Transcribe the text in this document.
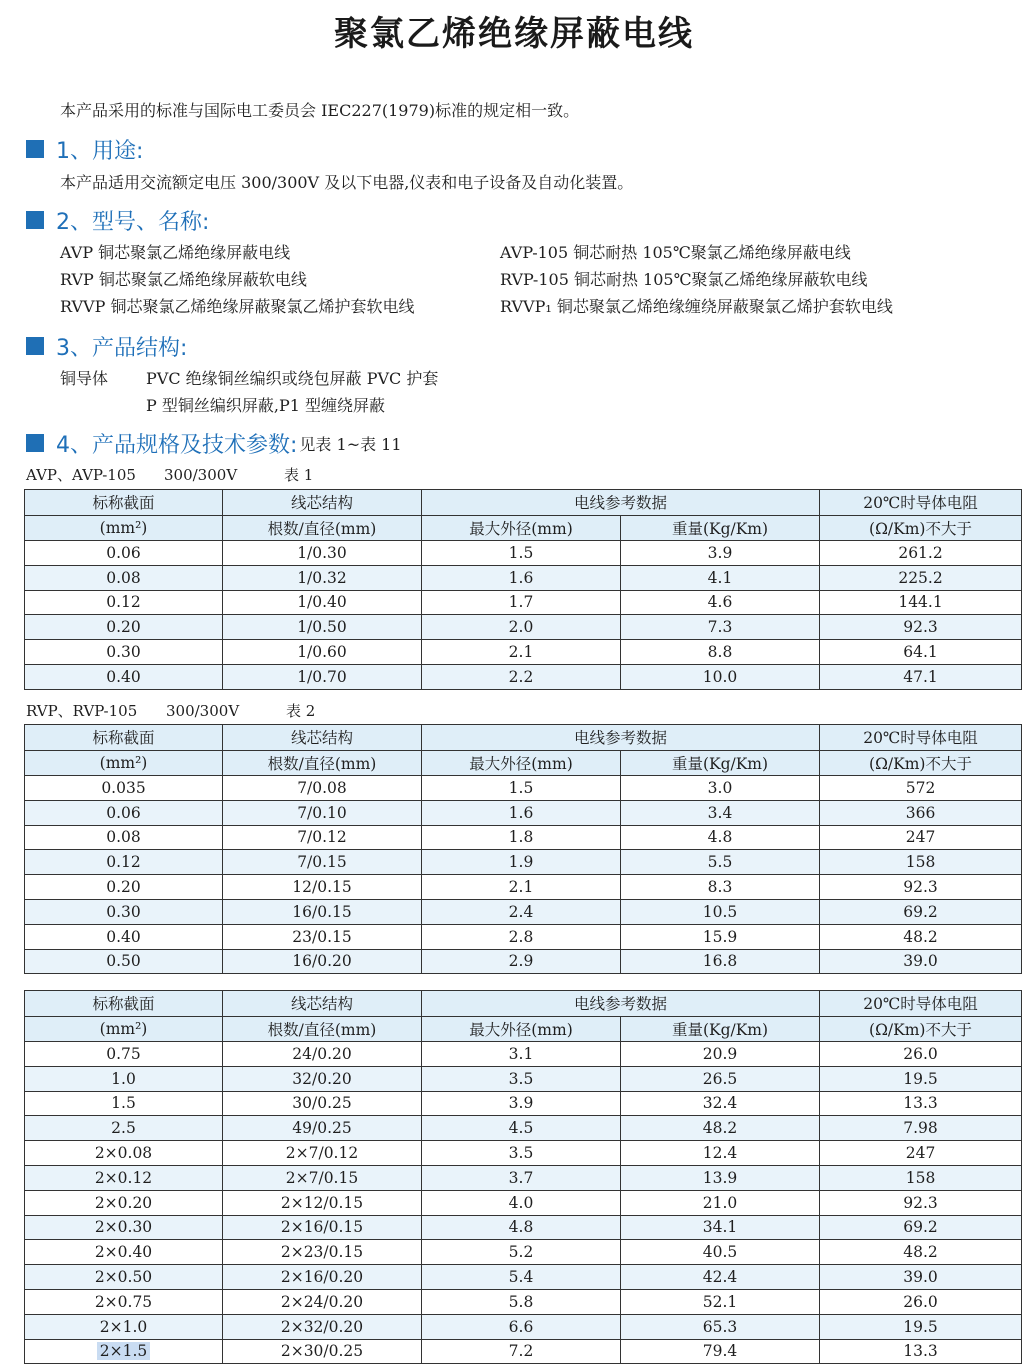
聚氯乙烯绝缘屏蔽电线
本产品采用的标准与国际电工委员会 IEC227(1979)标准的规定相一致。
1、用途:
本产品适用交流额定电压 300/300V 及以下电器,仪表和电子设备及自动化装置。
2、型号、名称:
AVP 铜芯聚氯乙烯绝缘屏蔽电线
RVP 铜芯聚氯乙烯绝缘屏蔽软电线
RVVP 铜芯聚氯乙烯绝缘屏蔽聚氯乙烯护套软电线
AVP-105 铜芯耐热 105℃聚氯乙烯绝缘屏蔽电线
RVP-105 铜芯耐热 105℃聚氯乙烯绝缘屏蔽软电线
RVVP₁ 铜芯聚氯乙烯绝缘缠绕屏蔽聚氯乙烯护套软电线
3、产品结构:
铜导体 PVC 绝缘铜丝编织或绕包屏蔽 PVC 护套
P 型铜丝编织屏蔽,P1 型缠绕屏蔽
4、产品规格及技术参数: 见表 1~表 11
AVP、AVP-105 300/300V	表 1
标称截面	线芯结构	电线参考数据		20℃时导体电阻
(mm²)	根数/直径(mm)	最大外径(mm)	重量(Kg/Km)	(Ω/Km)不大于
0.06	1/0.30	1.5	3.9	261.2
0.08	1/0.32	1.6	4.1	225.2
0.12	1/0.40	1.7	4.6	144.1
0.20	1/0.50	2.0	7.3	92.3
0.30	1/0.60	2.1	8.8	64.1
0.40	1/0.70	2.2	10.0	47.1
RVP、RVP-105 300/300V	表 2
标称截面	线芯结构	电线参考数据		20℃时导体电阻
(mm²)	根数/直径(mm)	最大外径(mm)	重量(Kg/Km)	(Ω/Km)不大于
0.035	7/0.08	1.5	3.0	572
0.06	7/0.10	1.6	3.4	366
0.08	7/0.12	1.8	4.8	247
0.12	7/0.15	1.9	5.5	158
0.20	12/0.15	2.1	8.3	92.3
0.30	16/0.15	2.4	10.5	69.2
0.40	23/0.15	2.8	15.9	48.2
0.50	16/0.20	2.9	16.8	39.0
标称截面	线芯结构	电线参考数据		20℃时导体电阻
(mm²)	根数/直径(mm)	最大外径(mm)	重量(Kg/Km)	(Ω/Km)不大于
0.75	24/0.20	3.1	20.9	26.0
1.0	32/0.20	3.5	26.5	19.5
1.5	30/0.25	3.9	32.4	13.3
2.5	49/0.25	4.5	48.2	7.98
2×0.08	2×7/0.12	3.5	12.4	247
2×0.12	2×7/0.15	3.7	13.9	158
2×0.20	2×12/0.15	4.0	21.0	92.3
2×0.30	2×16/0.15	4.8	34.1	69.2
2×0.40	2×23/0.15	5.2	40.5	48.2
2×0.50	2×16/0.20	5.4	42.4	39.0
2×0.75	2×24/0.20	5.8	52.1	26.0
2×1.0	2×32/0.20	6.6	65.3	19.5
2×1.5	2×30/0.25	7.2	79.4	13.3
